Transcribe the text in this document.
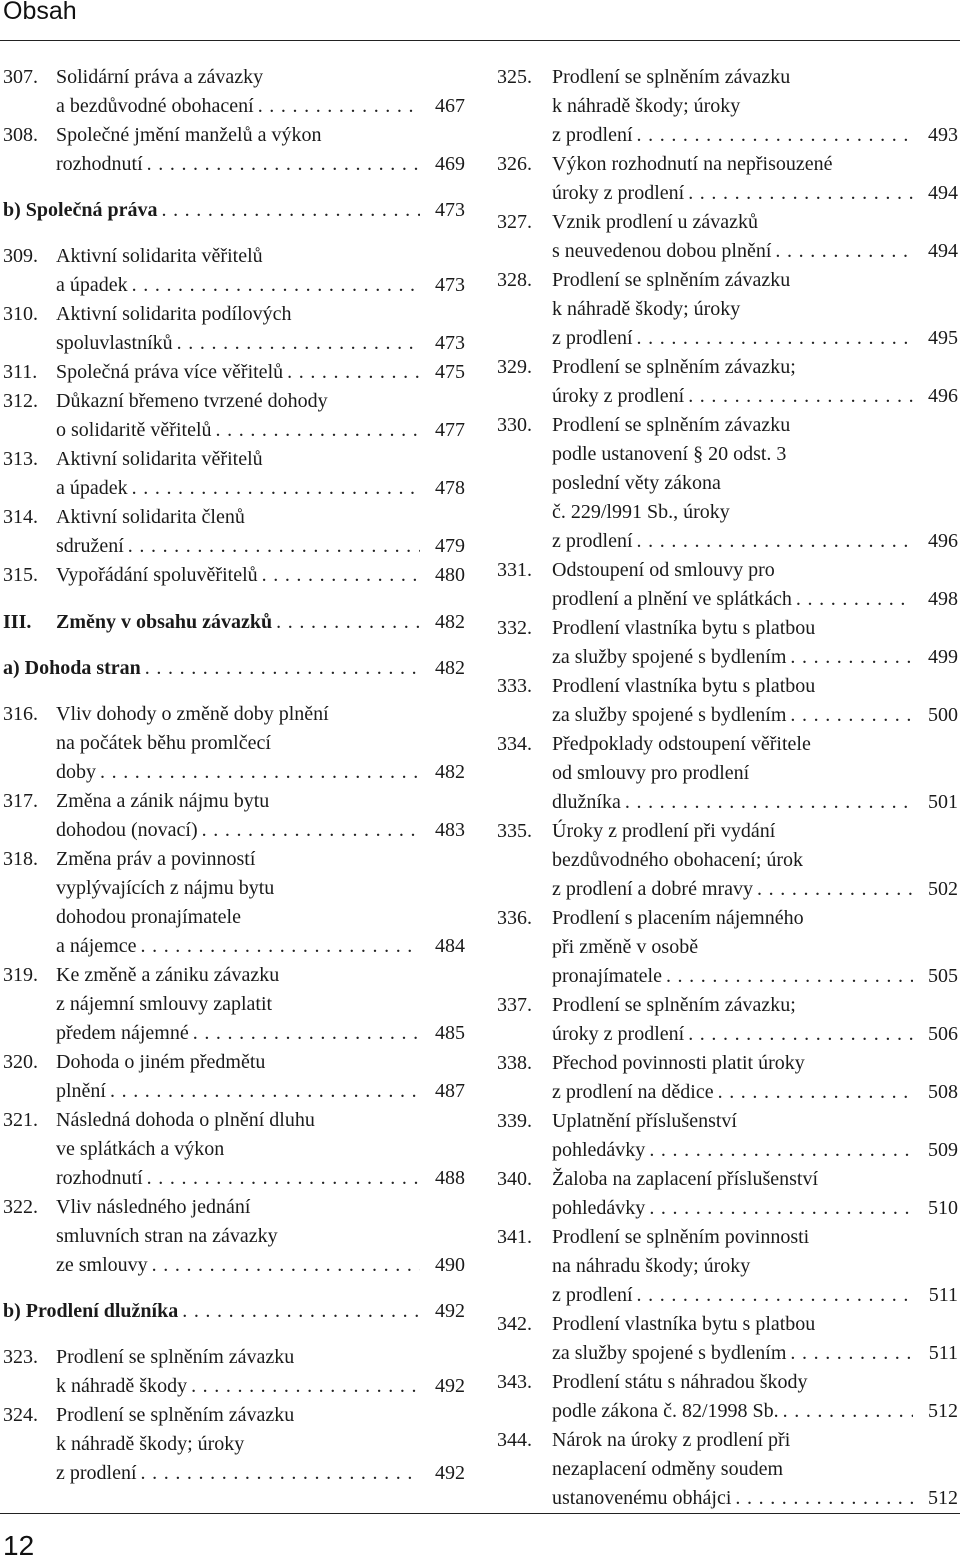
Obsah
307. Solidární práva a závazky
a bezdůvodné obohacení . . .	467
308. Společné jmění manželů a výkon
rozhodnutí . . .	469
b) Společná práva . . .	473
309. Aktivní solidarita věřitelů
a úpadek . . .	473
310. Aktivní solidarita podílových
spoluvlastníků . . .	473
311. Společná práva více věřitelů . . .	475
312. Důkazní břemeno tvrzené dohody
o solidaritě věřitelů . . .	477
313. Aktivní solidarita věřitelů
a úpadek . . .	478
314. Aktivní solidarita členů
sdružení . . .	479
315. Vypořádání spoluvěřitelů . . .	480
III. Změny v obsahu závazků . . .	482
a) Dohoda stran . . .	482
316. Vliv dohody o změně doby plnění
na počátek běhu promlčecí
doby . . .	482
317. Změna a zánik nájmu bytu
dohodou (novací) . . .	483
318. Změna práv a povinností
vyplývajících z nájmu bytu
dohodou pronajímatele
a nájemce . . .	484
319. Ke změně a zániku závazku
z nájemní smlouvy zaplatit
předem nájemné . . .	485
320. Dohoda o jiném předmětu
plnění . . .	487
321. Následná dohoda o plnění dluhu
ve splátkách a výkon
rozhodnutí . . .	488
322. Vliv následného jednání
smluvních stran na závazky
ze smlouvy . . .	490
b) Prodlení dlužníka . . .	492
323. Prodlení se splněním závazku
k náhradě škody . . .	492
324. Prodlení se splněním závazku
k náhradě škody; úroky
z prodlení . . .	492
325. Prodlení se splněním závazku
k náhradě škody; úroky
z prodlení . . .	493
326. Výkon rozhodnutí na nepřisouzené
úroky z prodlení . . .	494
327. Vznik prodlení u závazků
s neuvedenou dobou plnění . . .	494
328. Prodlení se splněním závazku
k náhradě škody; úroky
z prodlení . . .	495
329. Prodlení se splněním závazku;
úroky z prodlení . . .	496
330. Prodlení se splněním závazku
podle ustanovení § 20 odst. 3
poslední věty zákona
č. 229/l991 Sb., úroky
z prodlení . . .	496
331. Odstoupení od smlouvy pro
prodlení a plnění ve splátkách . . .	498
332. Prodlení vlastníka bytu s platbou
za služby spojené s bydlením . . .	499
333. Prodlení vlastníka bytu s platbou
za služby spojené s bydlením . . .	500
334. Předpoklady odstoupení věřitele
od smlouvy pro prodlení
dlužníka . . .	501
335. Úroky z prodlení při vydání
bezdůvodného obohacení; úrok
z prodlení a dobré mravy . . .	502
336. Prodlení s placením nájemného
při změně v osobě
pronajímatele . . .	505
337. Prodlení se splněním závazku;
úroky z prodlení . . .	506
338. Přechod povinnosti platit úroky
z prodlení na dědice . . .	508
339. Uplatnění příslušenství
pohledávky . . .	509
340. Žaloba na zaplacení příslušenství
pohledávky . . .	510
341. Prodlení se splněním povinnosti
na náhradu škody; úroky
z prodlení . . .	511
342. Prodlení vlastníka bytu s platbou
za služby spojené s bydlením . . .	511
343. Prodlení státu s náhradou škody
podle zákona č. 82/1998 Sb. . . .	512
344. Nárok na úroky z prodlení při
nezaplacení odměny soudem
ustanovenému obhájci . . .	512
12
